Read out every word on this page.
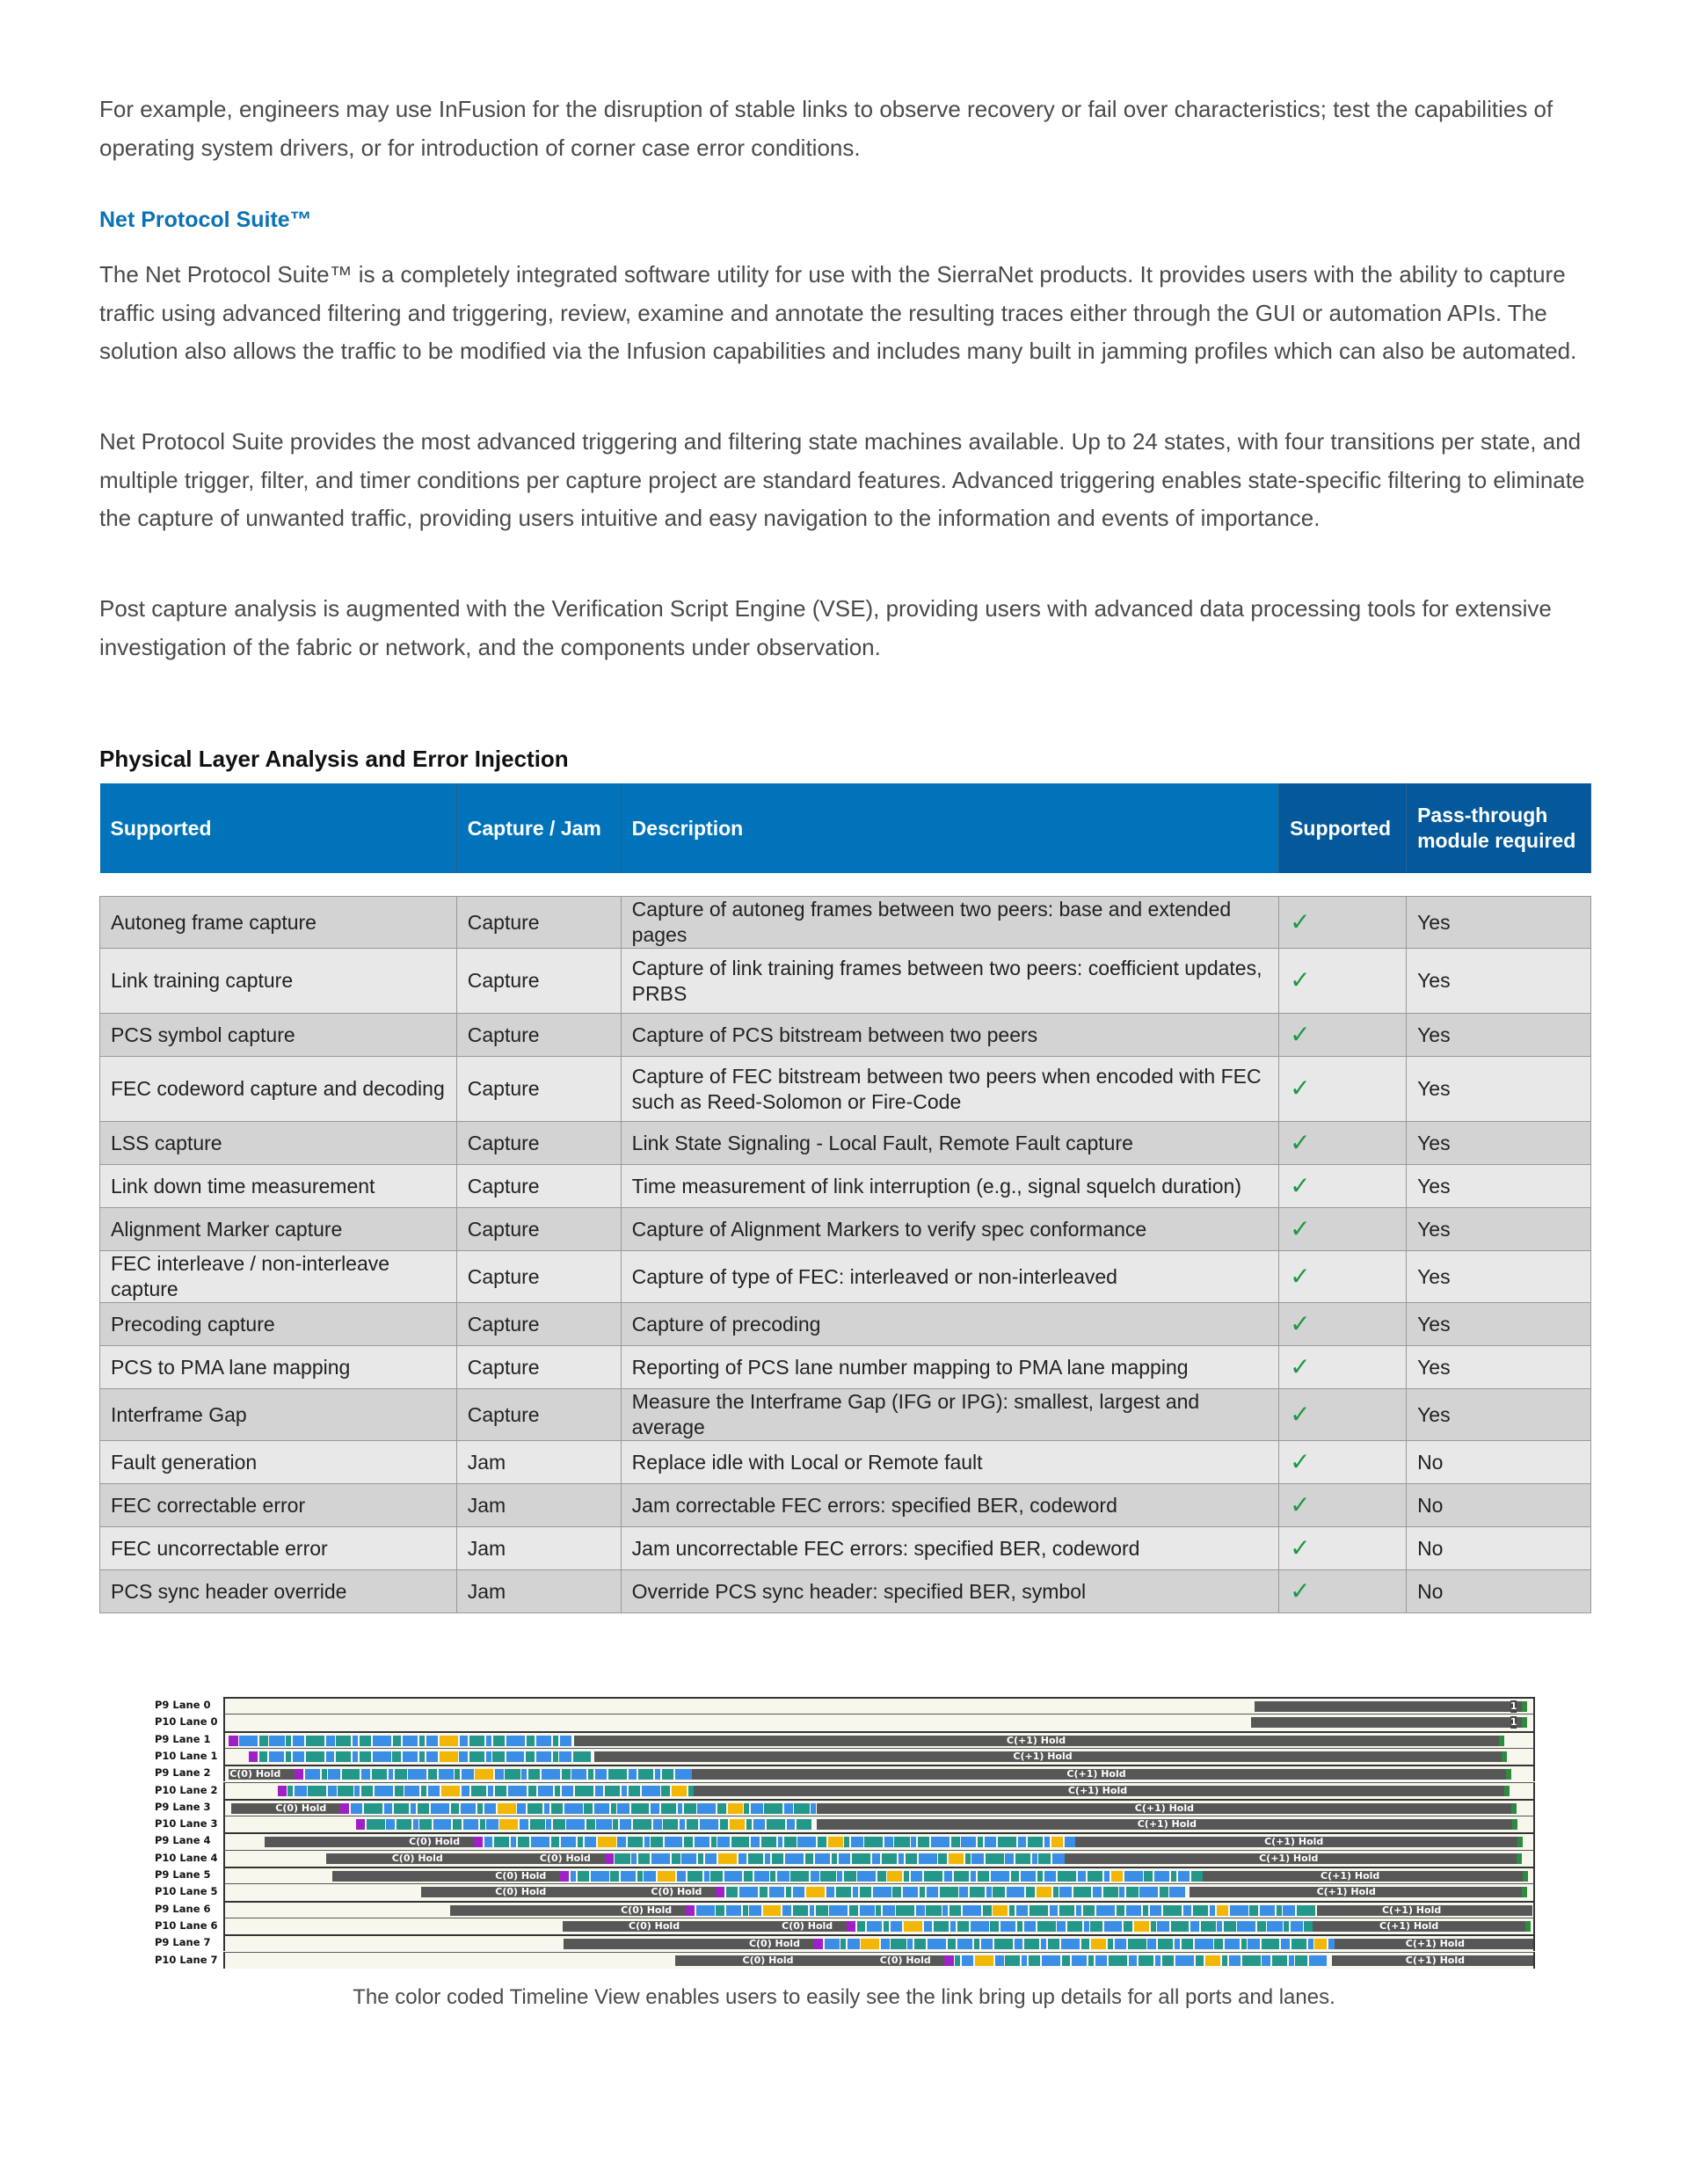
For example, engineers may use InFusion for the disruption of stable links to observe recovery or fail over characteristics; test the capabilities of operating system drivers, or for introduction of corner case error conditions.

Net Protocol Suite™

The Net Protocol Suite™ is a completely integrated software utility for use with the SierraNet products. It provides users with the ability to capture traffic using advanced filtering and triggering, review, examine and annotate the resulting traces either through the GUI or automation APIs. The solution also allows the traffic to be modified via the Infusion capabilities and includes many built in jamming profiles which can also be automated.

Net Protocol Suite provides the most advanced triggering and filtering state machines available. Up to 24 states, with four transitions per state, and multiple trigger, filter, and timer conditions per capture project are standard features. Advanced triggering enables state-specific filtering to eliminate the capture of unwanted traffic, providing users intuitive and easy navigation to the information and events of importance.

Post capture analysis is augmented with the Verification Script Engine (VSE), providing users with advanced data processing tools for extensive investigation of the fabric or network, and the components under observation.

Physical Layer Analysis and Error Injection
Supported	Capture / Jam	Description	Supported	Pass-through module required

Autoneg frame capture	Capture	Capture of autoneg frames between two peers: base and extended pages	✓	Yes
Link training capture	Capture	Capture of link training frames between two peers: coefficient updates, PRBS	✓	Yes
PCS symbol capture	Capture	Capture of PCS bitstream between two peers	✓	Yes
FEC codeword capture and decoding	Capture	Capture of FEC bitstream between two peers when encoded with FEC such as Reed-Solomon or Fire-Code	✓	Yes
LSS capture	Capture	Link State Signaling - Local Fault, Remote Fault capture	✓	Yes
Link down time measurement	Capture	Time measurement of link interruption (e.g., signal squelch duration)	✓	Yes
Alignment Marker capture	Capture	Capture of Alignment Markers to verify spec conformance	✓	Yes
FEC interleave / non-interleave capture	Capture	Capture of type of FEC: interleaved or non-interleaved	✓	Yes
Precoding capture	Capture	Capture of precoding	✓	Yes
PCS to PMA lane mapping	Capture	Reporting of PCS lane number mapping to PMA lane mapping	✓	Yes
Interframe Gap	Capture	Measure the Interframe Gap (IFG or IPG): smallest, largest and average	✓	Yes
Fault generation	Jam	Replace idle with Local or Remote fault	✓	No
FEC correctable error	Jam	Jam correctable FEC errors: specified BER, codeword	✓	No
FEC uncorrectable error	Jam	Jam uncorrectable FEC errors: specified BER, codeword	✓	No
PCS sync header override	Jam	Override PCS sync header: specified BER, symbol	✓	No
P9 Lane 0	1
P10 Lane 0	1
P9 Lane 1	C(+1) Hold
P10 Lane 1	C(+1) Hold
P9 Lane 2	C(0) Hold	C(+1) Hold
P10 Lane 2	C(+1) Hold
P9 Lane 3	C(0) Hold	C(+1) Hold
P10 Lane 3	C(+1) Hold
P9 Lane 4	C(0) Hold	C(+1) Hold
P10 Lane 4	C(0) Hold	C(0) Hold	C(+1) Hold
P9 Lane 5	C(0) Hold	C(+1) Hold
P10 Lane 5	C(0) Hold	C(0) Hold	C(+1) Hold
P9 Lane 6	C(0) Hold	C(+1) Hold
P10 Lane 6	C(0) Hold	C(0) Hold	C(+1) Hold
P9 Lane 7	C(0) Hold	C(+1) Hold
P10 Lane 7	C(0) Hold	C(0) Hold	C(+1) Hold

The color coded Timeline View enables users to easily see the link bring up details for all ports and lanes.
